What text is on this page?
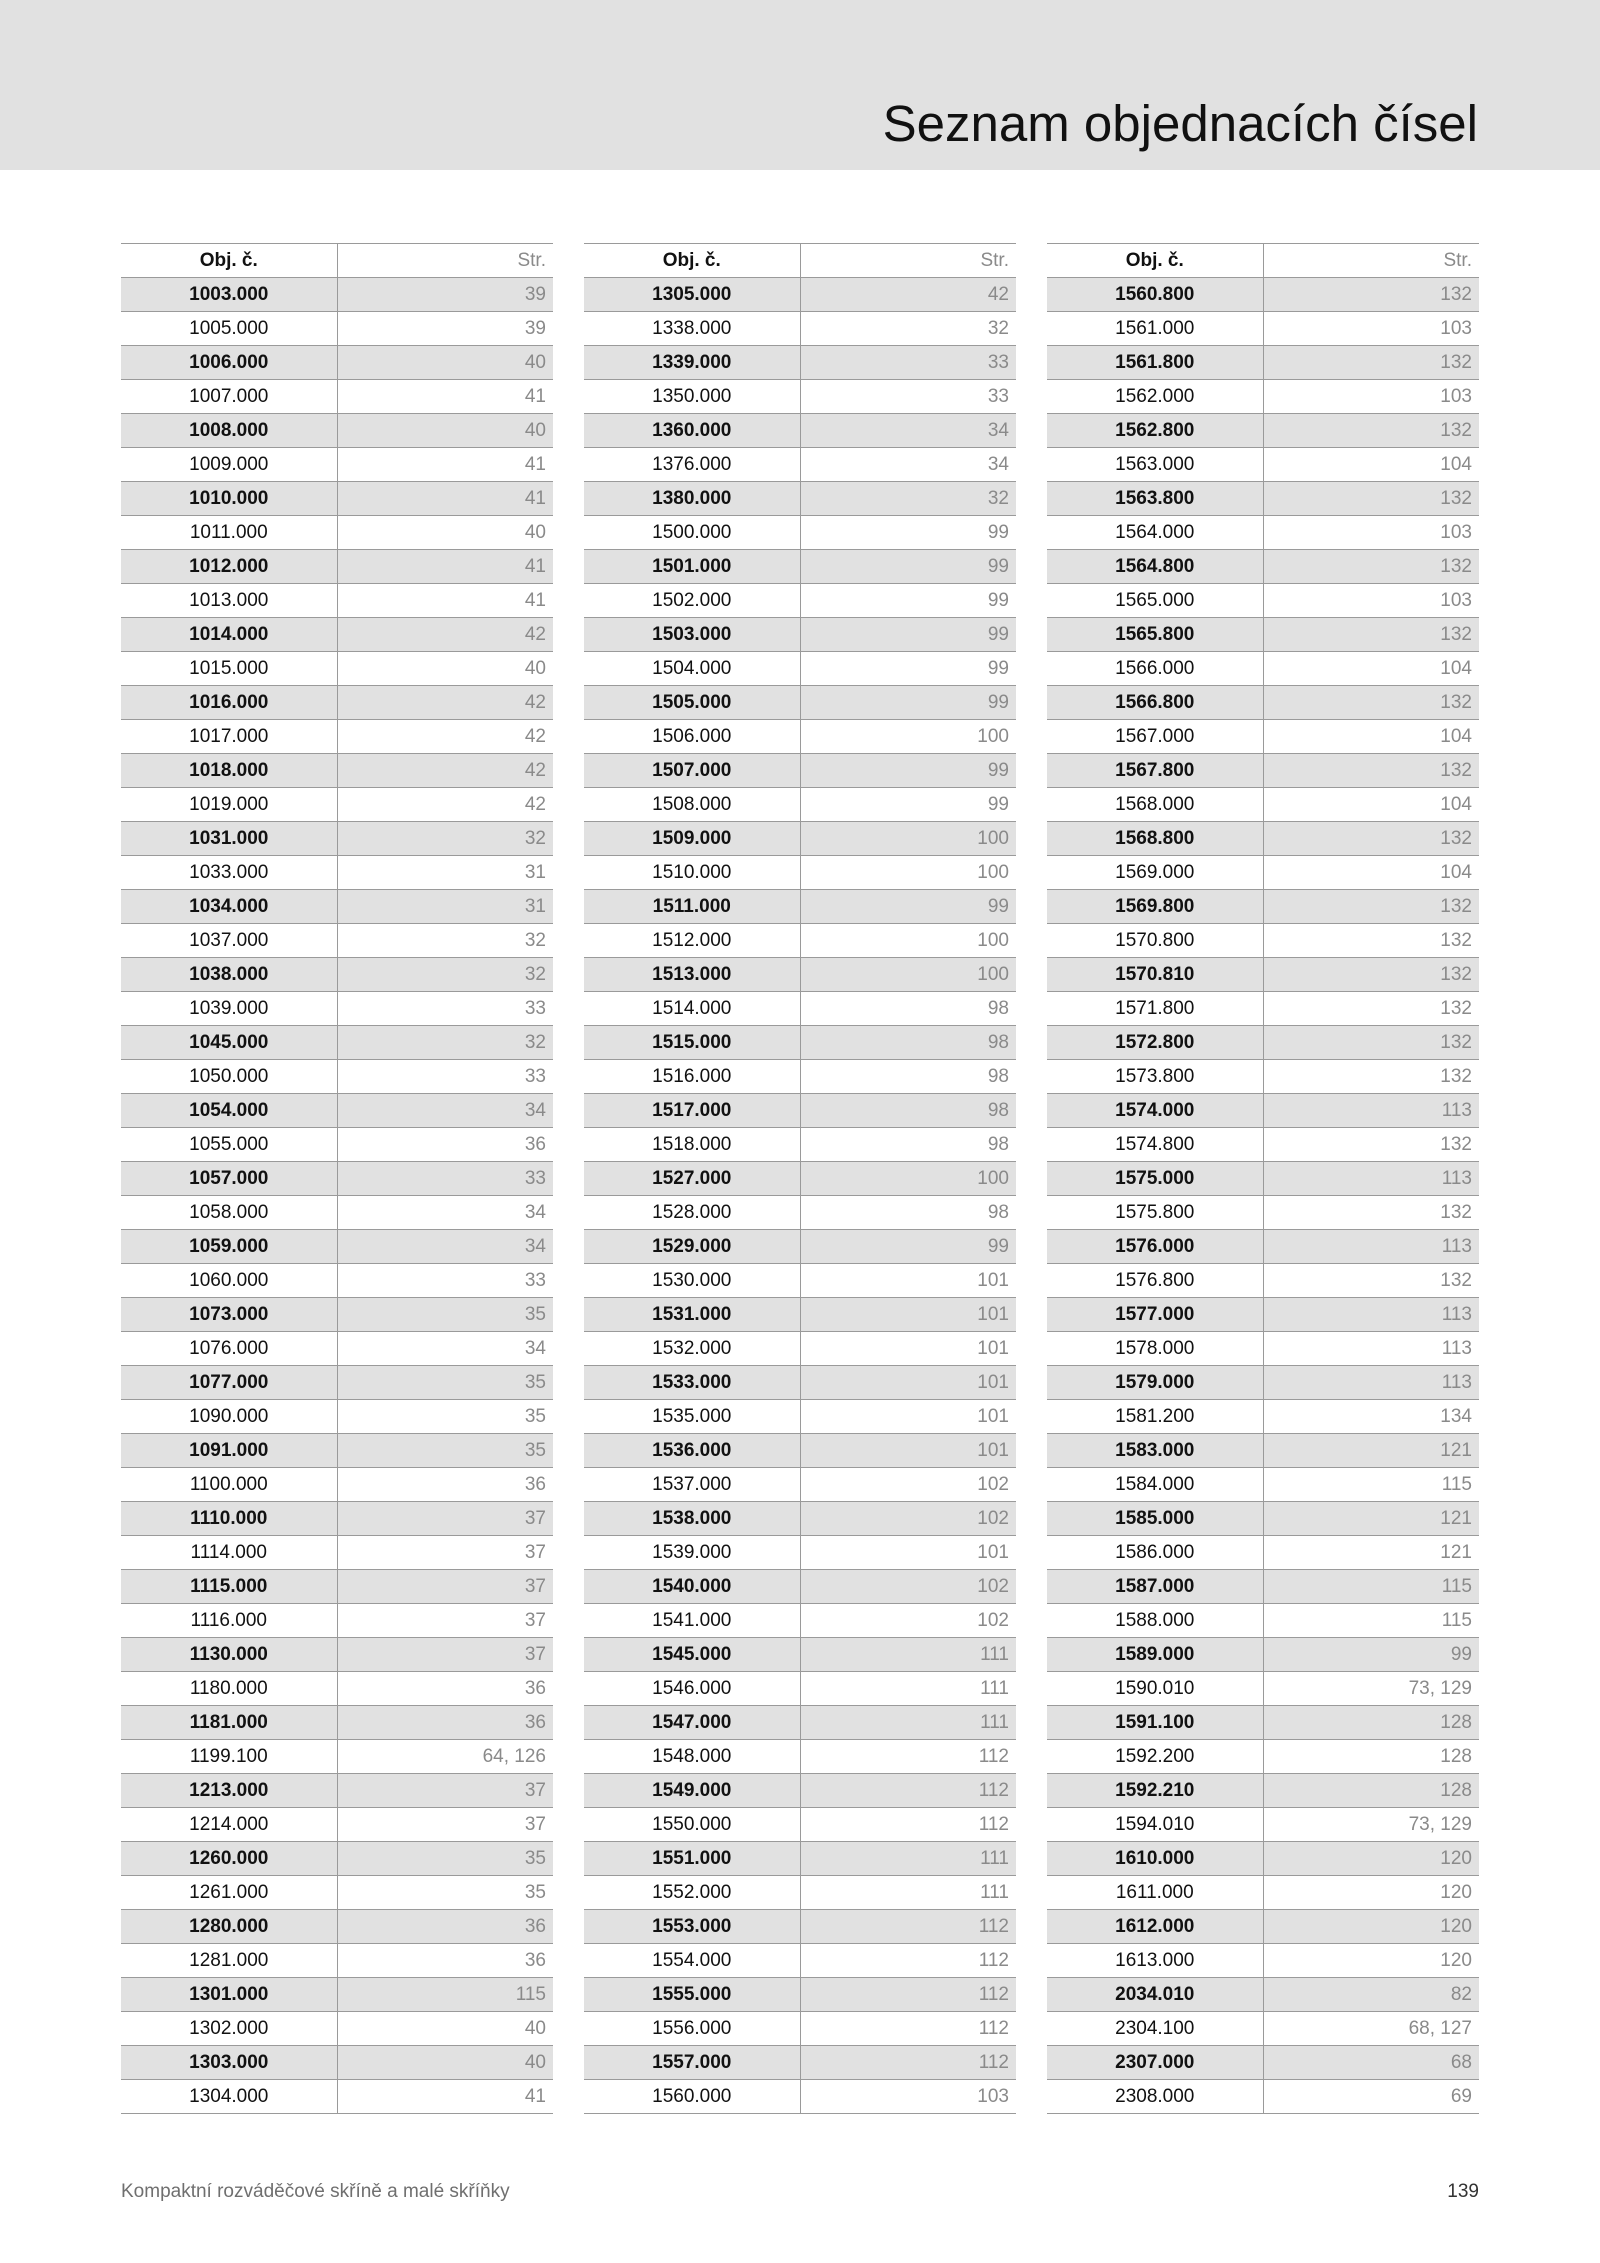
Seznam objednacích čísel
Obj. č.	Str.
1003.000	39
1005.000	39
1006.000	40
1007.000	41
1008.000	40
1009.000	41
1010.000	41
1011.000	40
1012.000	41
1013.000	41
1014.000	42
1015.000	40
1016.000	42
1017.000	42
1018.000	42
1019.000	42
1031.000	32
1033.000	31
1034.000	31
1037.000	32
1038.000	32
1039.000	33
1045.000	32
1050.000	33
1054.000	34
1055.000	36
1057.000	33
1058.000	34
1059.000	34
1060.000	33
1073.000	35
1076.000	34
1077.000	35
1090.000	35
1091.000	35
1100.000	36
1110.000	37
1114.000	37
1115.000	37
1116.000	37
1130.000	37
1180.000	36
1181.000	36
1199.100	64, 126
1213.000	37
1214.000	37
1260.000	35
1261.000	35
1280.000	36
1281.000	36
1301.000	115
1302.000	40
1303.000	40
1304.000	41
Obj. č.	Str.
1305.000	42
1338.000	32
1339.000	33
1350.000	33
1360.000	34
1376.000	34
1380.000	32
1500.000	99
1501.000	99
1502.000	99
1503.000	99
1504.000	99
1505.000	99
1506.000	100
1507.000	99
1508.000	99
1509.000	100
1510.000	100
1511.000	99
1512.000	100
1513.000	100
1514.000	98
1515.000	98
1516.000	98
1517.000	98
1518.000	98
1527.000	100
1528.000	98
1529.000	99
1530.000	101
1531.000	101
1532.000	101
1533.000	101
1535.000	101
1536.000	101
1537.000	102
1538.000	102
1539.000	101
1540.000	102
1541.000	102
1545.000	111
1546.000	111
1547.000	111
1548.000	112
1549.000	112
1550.000	112
1551.000	111
1552.000	111
1553.000	112
1554.000	112
1555.000	112
1556.000	112
1557.000	112
1560.000	103
Obj. č.	Str.
1560.800	132
1561.000	103
1561.800	132
1562.000	103
1562.800	132
1563.000	104
1563.800	132
1564.000	103
1564.800	132
1565.000	103
1565.800	132
1566.000	104
1566.800	132
1567.000	104
1567.800	132
1568.000	104
1568.800	132
1569.000	104
1569.800	132
1570.800	132
1570.810	132
1571.800	132
1572.800	132
1573.800	132
1574.000	113
1574.800	132
1575.000	113
1575.800	132
1576.000	113
1576.800	132
1577.000	113
1578.000	113
1579.000	113
1581.200	134
1583.000	121
1584.000	115
1585.000	121
1586.000	121
1587.000	115
1588.000	115
1589.000	99
1590.010	73, 129
1591.100	128
1592.200	128
1592.210	128
1594.010	73, 129
1610.000	120
1611.000	120
1612.000	120
1613.000	120
2034.010	82
2304.100	68, 127
2307.000	68
2308.000	69
Kompaktní rozváděčové skříně a malé skříňky	139
